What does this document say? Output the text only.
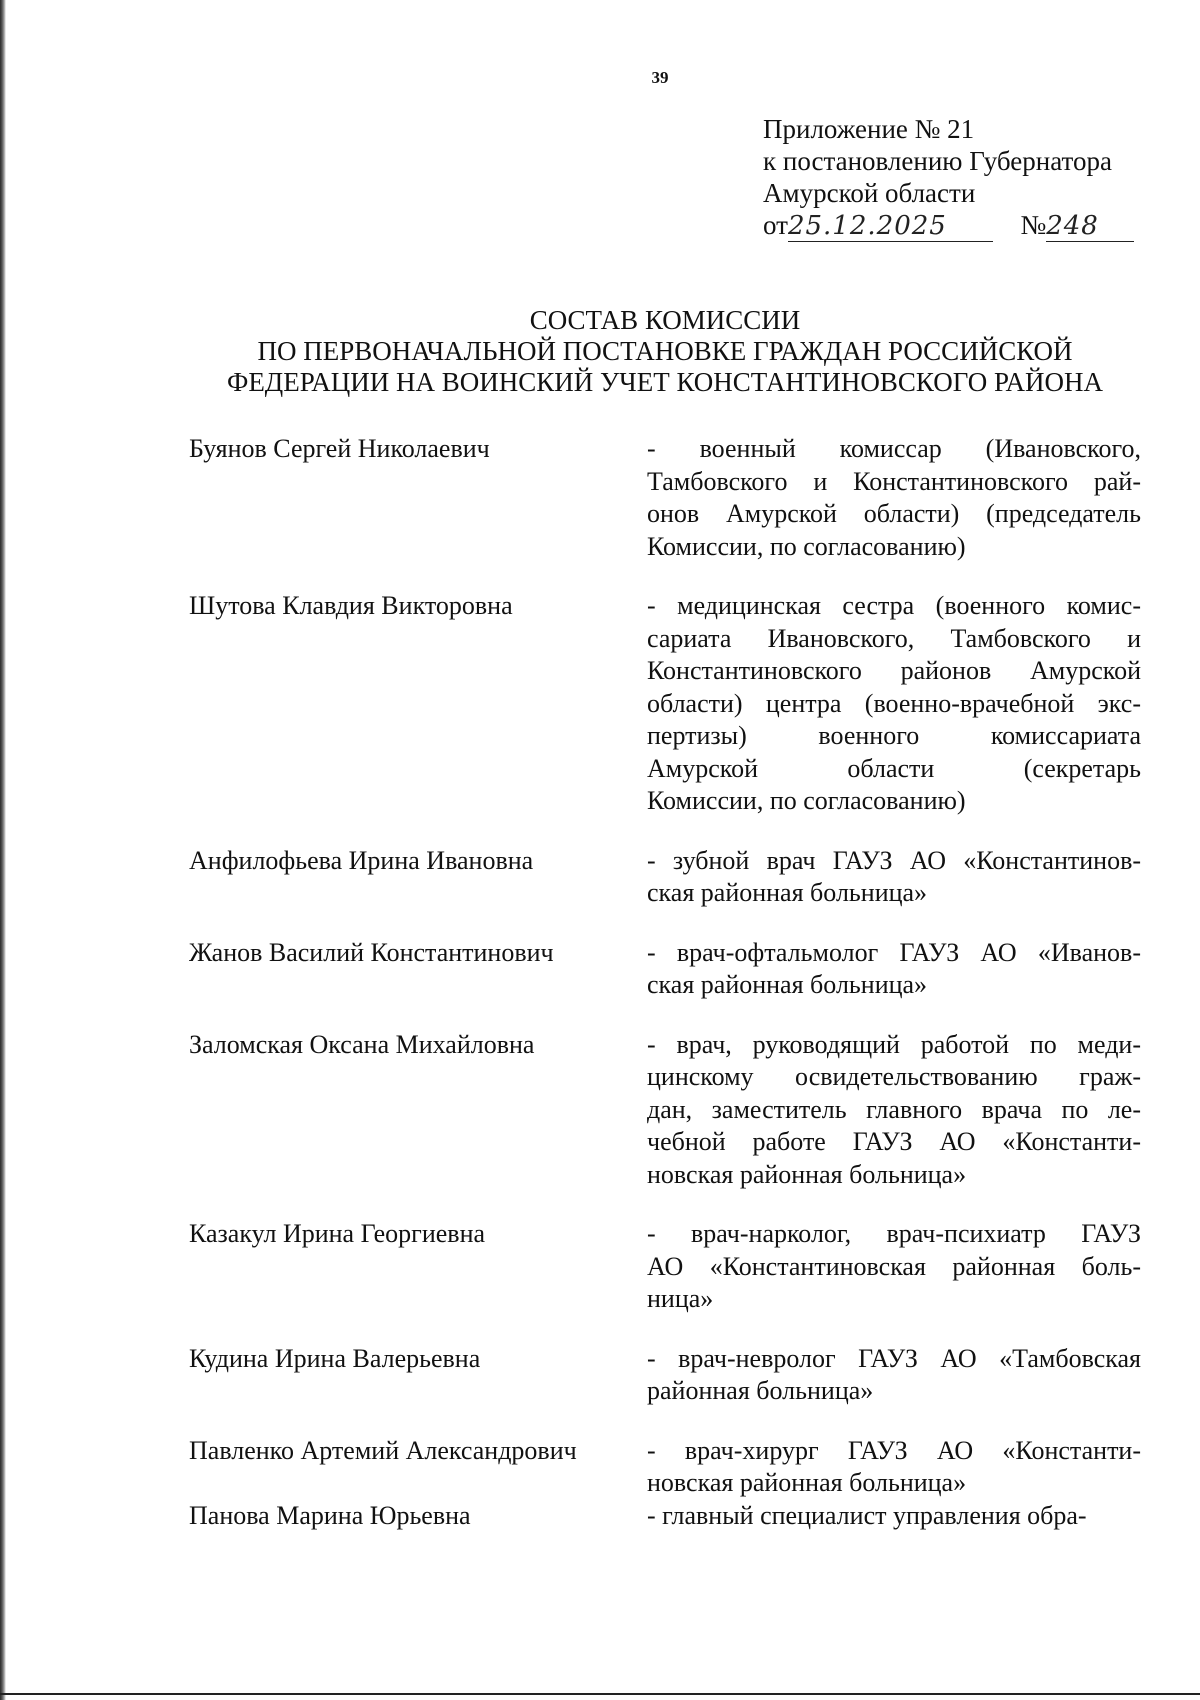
39
Приложение № 21
к постановлению Губернатора
Амурской области
от25.12.2025	№248
СОСТАВ КОМИССИИ
ПО ПЕРВОНАЧАЛЬНОЙ ПОСТАНОВКЕ ГРАЖДАН РОССИЙСКОЙ
ФЕДЕРАЦИИ НА ВОИНСКИЙ УЧЕТ КОНСТАНТИНОВСКОГО РАЙОНА
Буянов Сергей Николаевич	- военный комиссар (Ивановского,
Тамбовского и Константиновского рай-
онов Амурской области) (председатель
Комиссии, по согласованию)
Шутова Клавдия Викторовна	- медицинская сестра (военного комис-
сариата Ивановского, Тамбовского и
Константиновского районов Амурской
области) центра (военно-врачебной экс-
пертизы) военного комиссариата
Амурской области (секретарь
Комиссии, по согласованию)
Анфилофьева Ирина Ивановна	- зубной врач ГАУЗ АО «Константинов-
ская районная больница»
Жанов Василий Константинович	- врач-офтальмолог ГАУЗ АО «Иванов-
ская районная больница»
Заломская Оксана Михайловна	- врач, руководящий работой по меди-
цинскому освидетельствованию граж-
дан, заместитель главного врача по ле-
чебной работе ГАУЗ АО «Константи-
новская районная больница»
Казакул Ирина Георгиевна	- врач-нарколог, врач-психиатр ГАУЗ
АО «Константиновская районная боль-
ница»
Кудина Ирина Валерьевна	- врач-невролог ГАУЗ АО «Тамбовская
районная больница»
Павленко Артемий Александрович	- врач-хирург ГАУЗ АО «Константи-
новская районная больница»
Панова Марина Юрьевна	- главный специалист управления обра-
